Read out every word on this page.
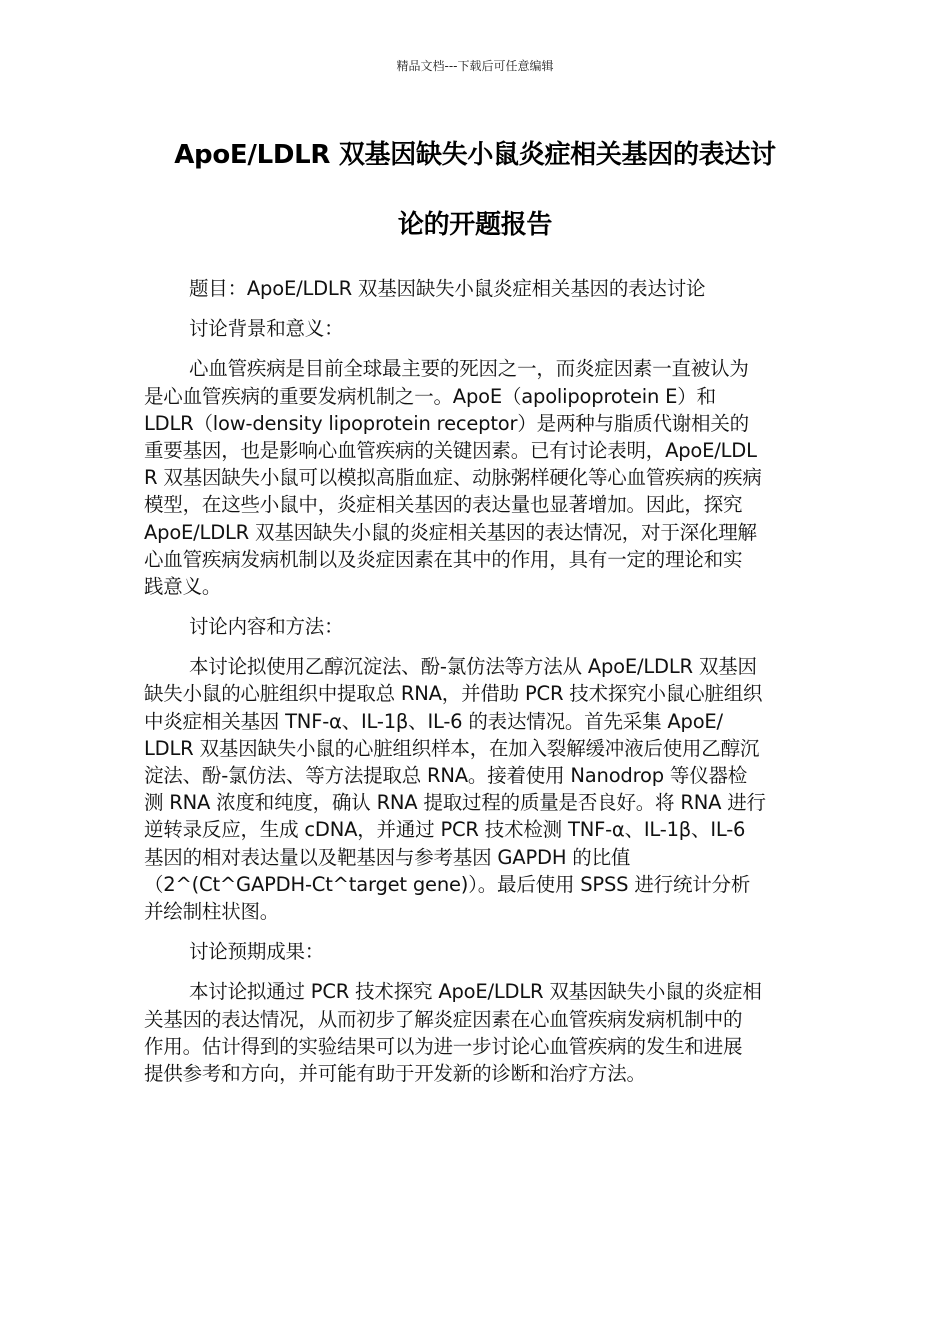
精品文档---下载后可任意编辑
ApoE/LDLR 双基因缺失小鼠炎症相关基因的表达讨
论的开题报告

题目：ApoE/LDLR 双基因缺失小鼠炎症相关基因的表达讨论

讨论背景和意义：

心血管疾病是目前全球最主要的死因之一，而炎症因素一直被认为
是心血管疾病的重要发病机制之一。ApoE（apolipoprotein E）和
LDLR（low-density lipoprotein receptor）是两种与脂质代谢相关的
重要基因，也是影响心血管疾病的关键因素。已有讨论表明，ApoE/LDL
R 双基因缺失小鼠可以模拟高脂血症、动脉粥样硬化等心血管疾病的疾病
模型，在这些小鼠中，炎症相关基因的表达量也显著增加。因此，探究
ApoE/LDLR 双基因缺失小鼠的炎症相关基因的表达情况，对于深化理解
心血管疾病发病机制以及炎症因素在其中的作用，具有一定的理论和实
践意义。

讨论内容和方法：

本讨论拟使用乙醇沉淀法、酚-氯仿法等方法从 ApoE/LDLR 双基因
缺失小鼠的心脏组织中提取总 RNA，并借助 PCR 技术探究小鼠心脏组织
中炎症相关基因 TNF-α、IL-1β、IL-6 的表达情况。首先采集 ApoE/
LDLR 双基因缺失小鼠的心脏组织样本，在加入裂解缓冲液后使用乙醇沉
淀法、酚-氯仿法、等方法提取总 RNA。接着使用 Nanodrop 等仪器检
测 RNA 浓度和纯度，确认 RNA 提取过程的质量是否良好。将 RNA 进行
逆转录反应，生成 cDNA，并通过 PCR 技术检测 TNF-α、IL-1β、IL-6
基因的相对表达量以及靶基因与参考基因 GAPDH 的比值
（2^(Ct^GAPDH-Ct^target gene)）。最后使用 SPSS 进行统计分析
并绘制柱状图。

讨论预期成果：

本讨论拟通过 PCR 技术探究 ApoE/LDLR 双基因缺失小鼠的炎症相
关基因的表达情况，从而初步了解炎症因素在心血管疾病发病机制中的
作用。估计得到的实验结果可以为进一步讨论心血管疾病的发生和进展
提供参考和方向，并可能有助于开发新的诊断和治疗方法。
